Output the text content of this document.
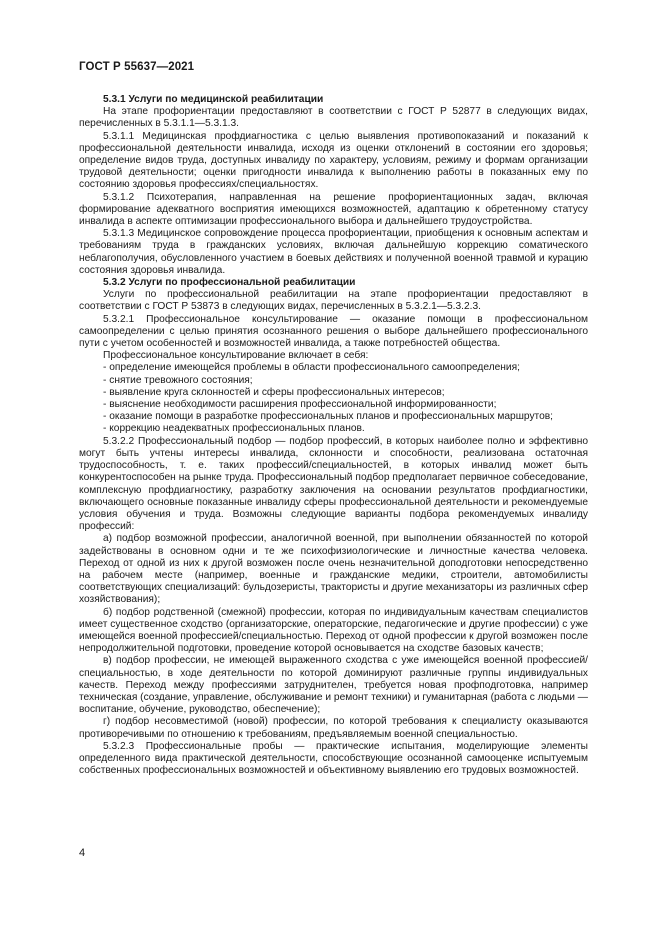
ГОСТ Р 55637—2021

5.3.1 Услуги по медицинской реабилитации

На этапе профориентации предоставляют в соответствии с ГОСТ Р 52877 в следующих видах, перечисленных в 5.3.1.1—5.3.1.3.

5.3.1.1 Медицинская профдиагностика с целью выявления противопоказаний и показаний к профессиональной деятельности инвалида, исходя из оценки отклонений в состоянии его здоровья; определение видов труда, доступных инвалиду по характеру, условиям, режиму и формам организации трудовой деятельности; оценки пригодности инвалида к выполнению работы в показанных ему по состоянию здоровья профессиях/специальностях.

5.3.1.2 Психотерапия, направленная на решение профориентационных задач, включая формирование адекватного восприятия имеющихся возможностей, адаптацию к обретенному статусу инвалида в аспекте оптимизации профессионального выбора и дальнейшего трудоустройства.

5.3.1.3 Медицинское сопровождение процесса профориентации, приобщения к основным аспектам и требованиям труда в гражданских условиях, включая дальнейшую коррекцию соматического неблагополучия, обусловленного участием в боевых действиях и полученной военной травмой и курацию состояния здоровья инвалида.

5.3.2 Услуги по профессиональной реабилитации

Услуги по профессиональной реабилитации на этапе профориентации предоставляют в соответствии с ГОСТ Р 53873 в следующих видах, перечисленных в 5.3.2.1—5.3.2.3.

5.3.2.1 Профессиональное консультирование — оказание помощи в профессиональном самоопределении с целью принятия осознанного решения о выборе дальнейшего профессионального пути с учетом особенностей и возможностей инвалида, а также потребностей общества.

Профессиональное консультирование включает в себя:

- определение имеющейся проблемы в области профессионального самоопределения;

- снятие тревожного состояния;

- выявление круга склонностей и сферы профессиональных интересов;

- выяснение необходимости расширения профессиональной информированности;

- оказание помощи в разработке профессиональных планов и профессиональных маршрутов;

- коррекцию неадекватных профессиональных планов.

5.3.2.2 Профессиональный подбор — подбор профессий, в которых наиболее полно и эффективно могут быть учтены интересы инвалида, склонности и способности, реализована остаточная трудоспособность, т. е. таких профессий/специальностей, в которых инвалид может быть конкурентоспособен на рынке труда. Профессиональный подбор предполагает первичное собеседование, комплексную профдиагностику, разработку заключения на основании результатов профдиагностики, включающего основные показанные инвалиду сферы профессиональной деятельности и рекомендуемые условия обучения и труда. Возможны следующие варианты подбора рекомендуемых инвалиду профессий:

а) подбор возможной профессии, аналогичной военной, при выполнении обязанностей по которой задействованы в основном одни и те же психофизиологические и личностные качества человека. Переход от одной из них к другой возможен после очень незначительной доподготовки непосредственно на рабочем месте (например, военные и гражданские медики, строители, автомобилисты соответствующих специализаций: бульдозеристы, трактористы и другие механизаторы из различных сфер хозяйствования);

б) подбор родственной (смежной) профессии, которая по индивидуальным качествам специалистов имеет существенное сходство (организаторские, операторские, педагогические и другие профессии) с уже имеющейся военной профессией/специальностью. Переход от одной профессии к другой возможен после непродолжительной подготовки, проведение которой основывается на сходстве базовых качеств;

в) подбор профессии, не имеющей выраженного сходства с уже имеющейся военной профессией/специальностью, в ходе деятельности по которой доминируют различные группы индивидуальных качеств. Переход между профессиями затруднителен, требуется новая профподготовка, например техническая (создание, управление, обслуживание и ремонт техники) и гуманитарная (работа с людьми — воспитание, обучение, руководство, обеспечение);

г) подбор несовместимой (новой) профессии, по которой требования к специалисту оказываются противоречивыми по отношению к требованиям, предъявляемым военной специальностью.

5.3.2.3 Профессиональные пробы — практические испытания, моделирующие элементы определенного вида практической деятельности, способствующие осознанной самооценке испытуемым собственных профессиональных возможностей и объективному выявлению его трудовых возможностей.

4
